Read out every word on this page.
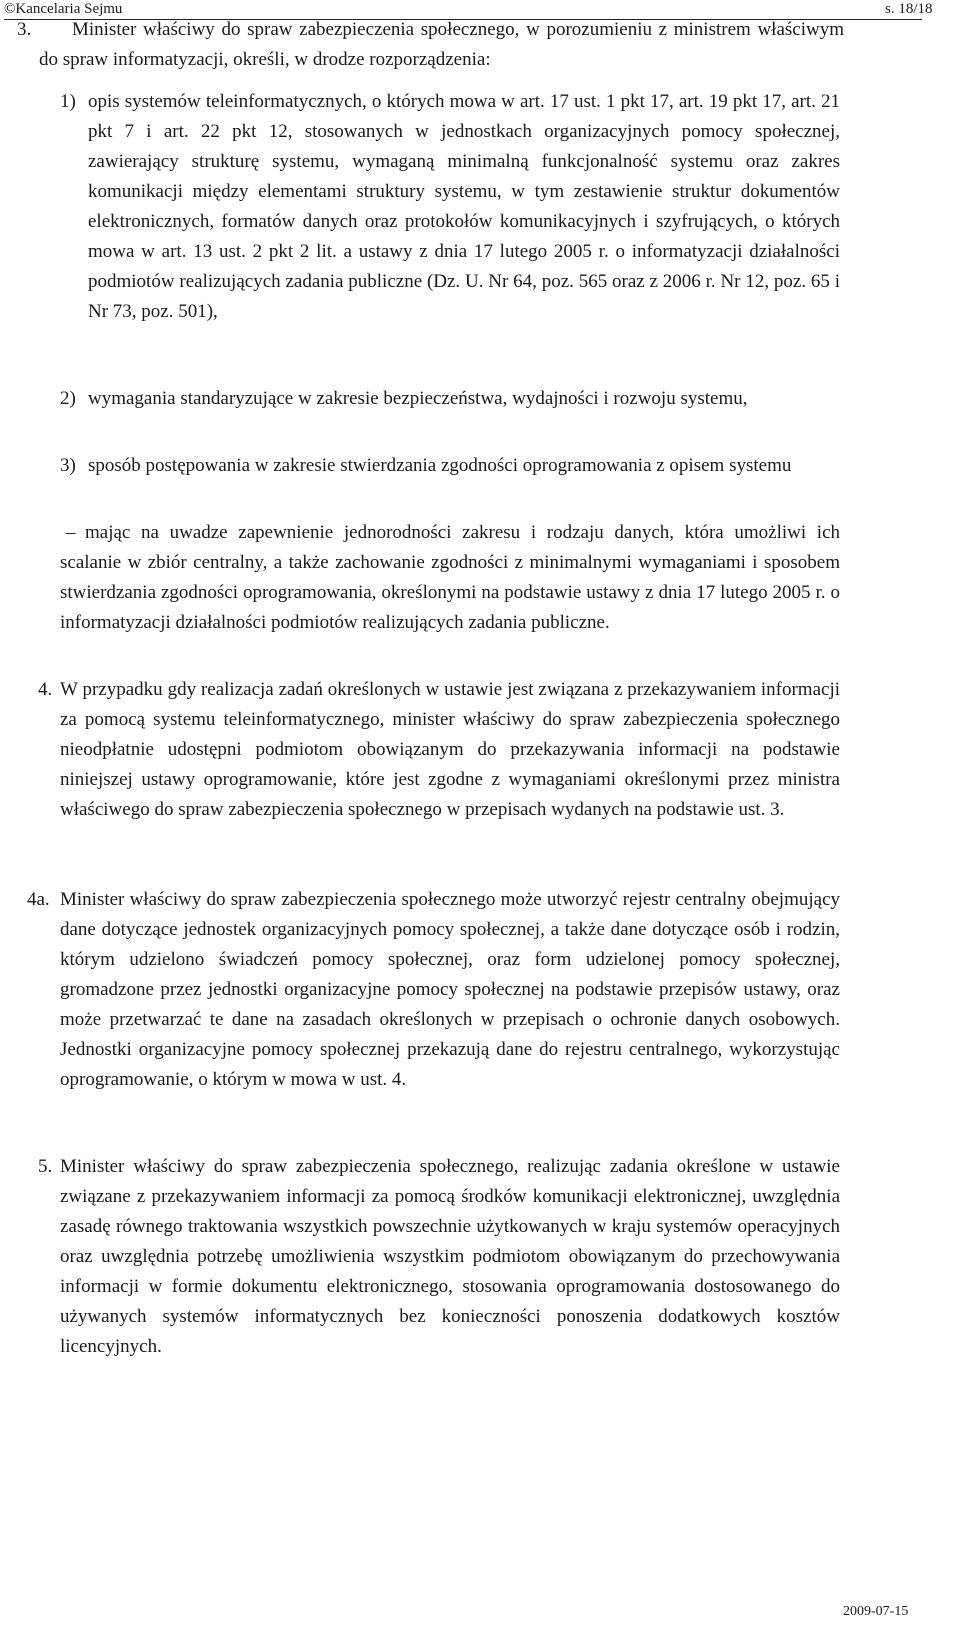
©Kancelaria Sejmu	s. 18/18
3. Minister właściwy do spraw zabezpieczenia społecznego, w porozumieniu z ministrem właściwym do spraw informatyzacji, określi, w drodze rozporządzenia:
1) opis systemów teleinformatycznych, o których mowa w art. 17 ust. 1 pkt 17, art. 19 pkt 17, art. 21 pkt 7 i art. 22 pkt 12, stosowanych w jednostkach organizacyjnych pomocy społecznej, zawierający strukturę systemu, wymaganą minimalną funkcjonalność systemu oraz zakres komunikacji między elementami struktury systemu, w tym zestawienie struktur dokumentów elektronicznych, formatów danych oraz protokołów komunikacyjnych i szyfrujących, o których mowa w art. 13 ust. 2 pkt 2 lit. a ustawy z dnia 17 lutego 2005 r. o informatyzacji działalności podmiotów realizujących zadania publiczne (Dz. U. Nr 64, poz. 565 oraz z 2006 r. Nr 12, poz. 65 i Nr 73, poz. 501),
2) wymagania standaryzujące w zakresie bezpieczeństwa, wydajności i rozwoju systemu,
3) sposób postępowania w zakresie stwierdzania zgodności oprogramowania z opisem systemu
– mając na uwadze zapewnienie jednorodności zakresu i rodzaju danych, która umożliwi ich scalanie w zbiór centralny, a także zachowanie zgodności z minimalnymi wymaganiami i sposobem stwierdzania zgodności oprogramowania, określonymi na podstawie ustawy z dnia 17 lutego 2005 r. o informatyzacji działalności podmiotów realizujących zadania publiczne.
4. W przypadku gdy realizacja zadań określonych w ustawie jest związana z przekazywaniem informacji za pomocą systemu teleinformatycznego, minister właściwy do spraw zabezpieczenia społecznego nieodpłatnie udostępni podmiotom obowiązanym do przekazywania informacji na podstawie niniejszej ustawy oprogramowanie, które jest zgodne z wymaganiami określonymi przez ministra właściwego do spraw zabezpieczenia społecznego w przepisach wydanych na podstawie ust. 3.
4a. Minister właściwy do spraw zabezpieczenia społecznego może utworzyć rejestr centralny obejmujący dane dotyczące jednostek organizacyjnych pomocy społecznej, a także dane dotyczące osób i rodzin, którym udzielono świadczeń pomocy społecznej, oraz form udzielonej pomocy społecznej, gromadzone przez jednostki organizacyjne pomocy społecznej na podstawie przepisów ustawy, oraz może przetwarzać te dane na zasadach określonych w przepisach o ochronie danych osobowych. Jednostki organizacyjne pomocy społecznej przekazują dane do rejestru centralnego, wykorzystując oprogramowanie, o którym w mowa w ust. 4.
5. Minister właściwy do spraw zabezpieczenia społecznego, realizując zadania określone w ustawie związane z przekazywaniem informacji za pomocą środków komunikacji elektronicznej, uwzględnia zasadę równego traktowania wszystkich powszechnie użytkowanych w kraju systemów operacyjnych oraz uwzględnia potrzebę umożliwienia wszystkim podmiotom obowiązanym do przechowywania informacji w formie dokumentu elektronicznego, stosowania oprogramowania dostosowanego do używanych systemów informatycznych bez konieczności ponoszenia dodatkowych kosztów licencyjnych.
2009-07-15
